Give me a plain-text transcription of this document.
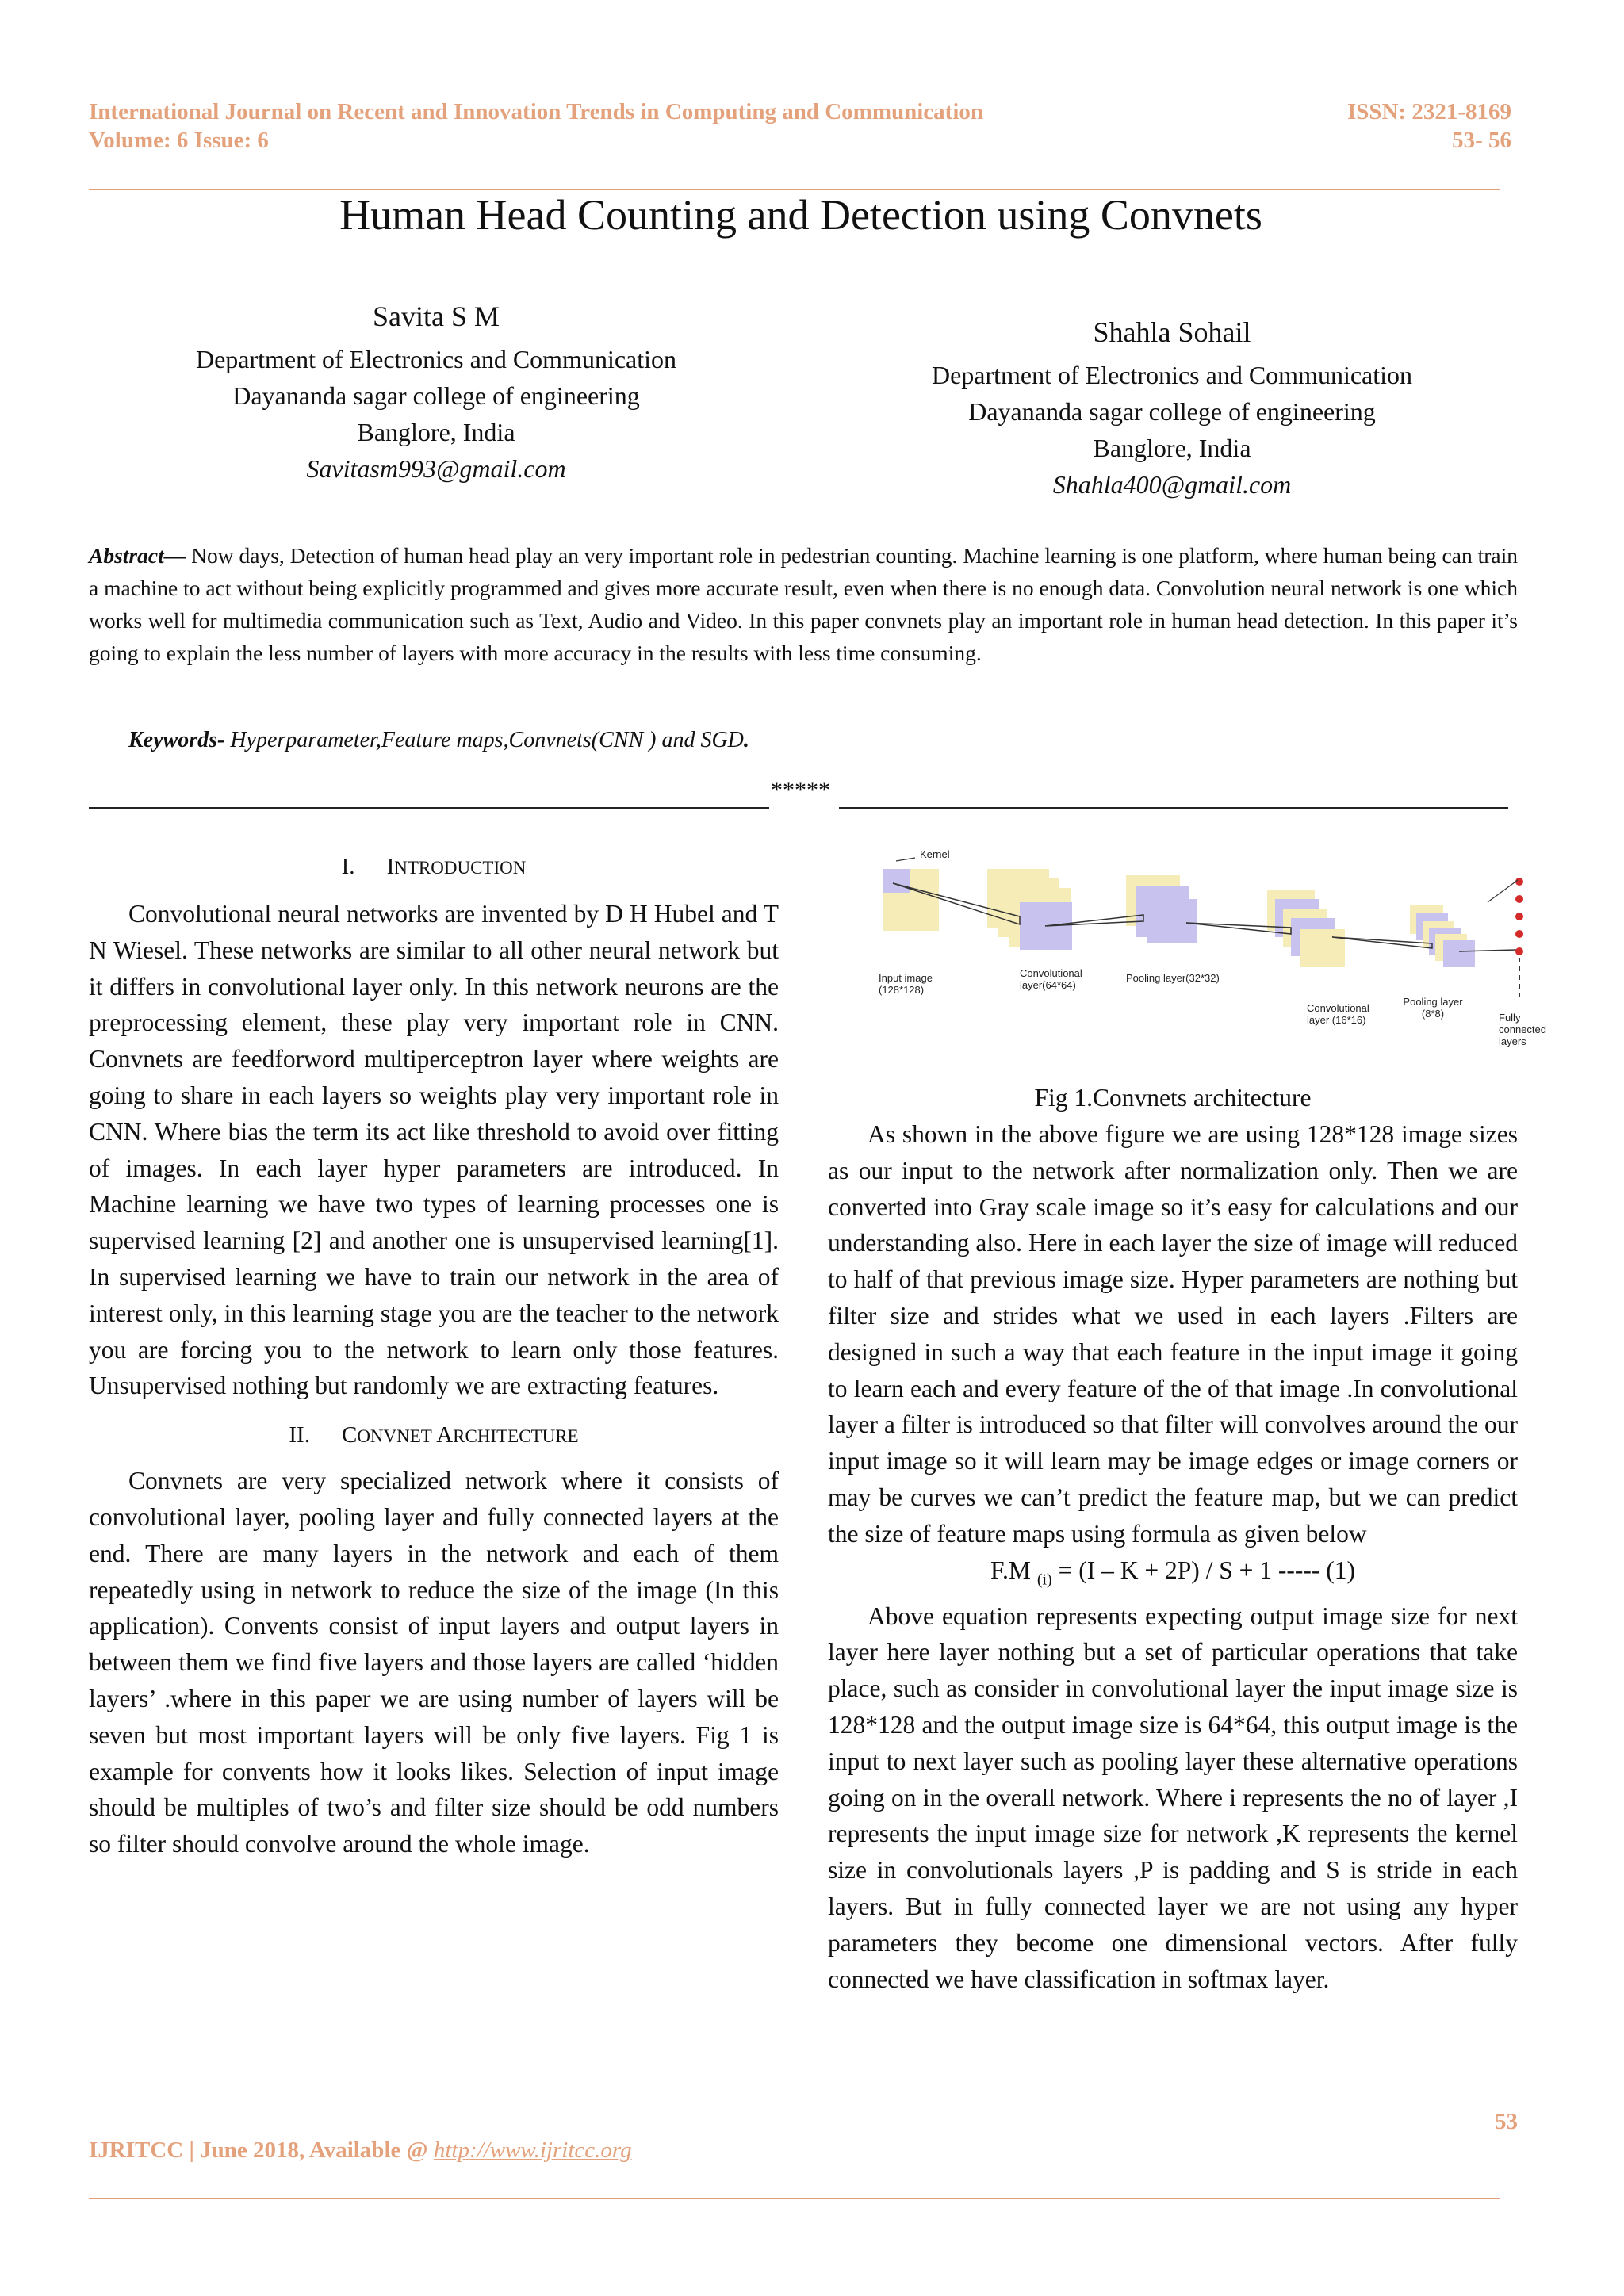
International Journal on Recent and Innovation Trends in Computing and Communication	ISSN: 2321-8169
Volume: 6 Issue: 6	53- 56
Human Head Counting and Detection using Convnets
Savita S M
Department of Electronics and Communication
Dayananda sagar college of engineering
Banglore, India
Savitasm993@gmail.com
Shahla Sohail
Department of Electronics and Communication
Dayananda sagar college of engineering
Banglore, India
Shahla400@gmail.com
Abstract— Now days, Detection of human head play an very important role in pedestrian counting. Machine learning is one platform, where human being can train a machine to act without being explicitly programmed and gives more accurate result, even when there is no enough data. Convolution neural network is one which works well for multimedia communication such as Text, Audio and Video. In this paper convnets play an important role in human head detection. In this paper it’s going to explain the less number of layers with more accuracy in the results with less time consuming.
Keywords- Hyperparameter,Feature maps,Convnets(CNN ) and SGD.
*****
I. INTRODUCTION

Convolutional neural networks are invented by D H Hubel and T N Wiesel. These networks are similar to all other neural network but it differs in convolutional layer only. In this network neurons are the preprocessing element, these play very important role in CNN. Convnets are feedforword multiperceptron layer where weights are going to share in each layers so weights play very important role in CNN. Where bias the term its act like threshold to avoid over fitting of images. In each layer hyper parameters are introduced. In Machine learning we have two types of learning processes one is supervised learning [2] and another one is unsupervised learning[1]. In supervised learning we have to train our network in the area of interest only, in this learning stage you are the teacher to the network you are forcing you to the network to learn only those features. Unsupervised nothing but randomly we are extracting features.

II. CONVNET ARCHITECTURE

Convnets are very specialized network where it consists of convolutional layer, pooling layer and fully connected layers at the end. There are many layers in the network and each of them repeatedly using in network to reduce the size of the image (In this application). Convents consist of input layers and output layers in between them we find five layers and those layers are called ‘hidden layers’ .where in this paper we are using number of layers will be seven but most important layers will be only five layers. Fig 1 is example for convents how it looks likes. Selection of input image should be multiples of two’s and filter size should be odd numbers so filter should convolve around the whole image.

Kernel
Input image (128*128)
Convolutional layer(64*64)
Pooling layer(32*32)
Convolutional layer (16*16)
Pooling layer (8*8)	Fully connected layers
Fig 1.Convnets architecture

As shown in the above figure we are using 128*128 image sizes as our input to the network after normalization only. Then we are converted into Gray scale image so it’s easy for calculations and our understanding also. Here in each layer the size of image will reduced to half of that previous image size. Hyper parameters are nothing but filter size and strides what we used in each layers .Filters are designed in such a way that each feature in the input image it going to learn each and every feature of the of that image .In convolutional layer a filter is introduced so that filter will convolves around the our input image so it will learn may be image edges or image corners or may be curves we can’t predict the feature map, but we can predict the size of feature maps using formula as given below

F.M $_{(i)}$ = (I – K + 2P) / S + 1 ----- (1)

Above equation represents expecting output image size for next layer here layer nothing but a set of particular operations that take place, such as consider in convolutional layer the input image size is 128*128 and the output image size is 64*64, this output image is the input to next layer such as pooling layer these alternative operations going on in the overall network. Where i represents the no of layer ,I represents the input image size for network ,K represents the kernel size in convolutionals layers ,P is padding and S is stride in each layers. But in fully connected layer we are not using any hyper parameters they become one dimensional vectors. After fully connected we have classification in softmax layer.

53
IJRITCC | June 2018, Available @ http://www.ijritcc.org
